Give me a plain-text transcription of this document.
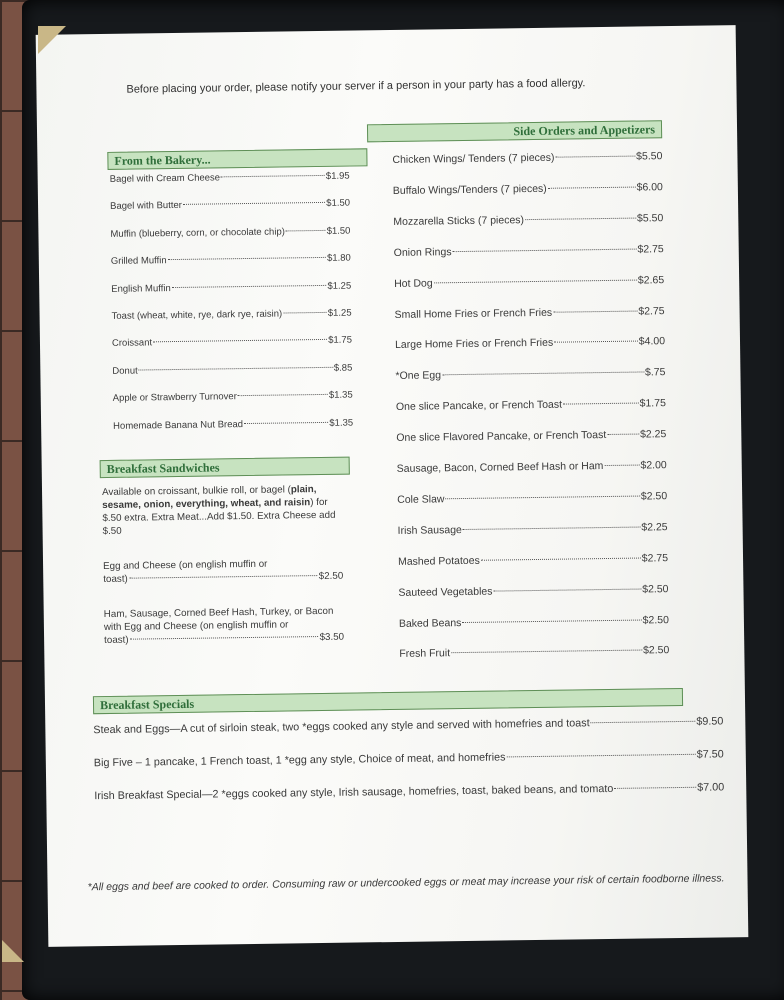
Before placing your order, please notify your server if a person in your party has a food allergy.
From the Bakery...
Bagel with Cream Cheese	$1.95
Bagel with Butter	$1.50
Muffin (blueberry, corn, or chocolate chip)	$1.50
Grilled Muffin	$1.80
English Muffin	$1.25
Toast (wheat, white, rye, dark rye, raisin)	$1.25
Croissant	$1.75
Donut	$.85
Apple or Strawberry Turnover	$1.35
Homemade Banana Nut Bread	$1.35
Side Orders and Appetizers
Chicken Wings/ Tenders (7 pieces)	$5.50
Buffalo Wings/Tenders (7 pieces)	$6.00
Mozzarella Sticks (7 pieces)	$5.50
Onion Rings	$2.75
Hot Dog	$2.65
Small Home Fries or French Fries	$2.75
Large Home Fries or French Fries	$4.00
*One Egg	$.75
One slice Pancake, or French Toast	$1.75
One slice Flavored Pancake, or French Toast	$2.25
Sausage, Bacon, Corned Beef Hash or Ham	$2.00
Cole Slaw	$2.50
Irish Sausage	$2.25
Mashed Potatoes	$2.75
Sauteed Vegetables	$2.50
Baked Beans	$2.50
Fresh Fruit	$2.50
Breakfast Sandwiches
Available on croissant, bulkie roll, or bagel (plain, sesame, onion, everything, wheat, and raisin) for $.50 extra. Extra Meat...Add $1.50. Extra Cheese add $.50
Egg and Cheese (on english muffin or
toast)	$2.50
Ham, Sausage, Corned Beef Hash, Turkey, or Bacon
with Egg and Cheese (on english muffin or
toast)	$3.50
Breakfast Specials
Steak and Eggs—A cut of sirloin steak, two *eggs cooked any style and served with homefries and toast	$9.50
Big Five – 1 pancake, 1 French toast, 1 *egg any style, Choice of meat, and homefries	$7.50
Irish Breakfast Special—2 *eggs cooked any style, Irish sausage, homefries, toast, baked beans, and tomato	$7.00
*All eggs and beef are cooked to order. Consuming raw or undercooked eggs or meat may increase your risk of certain foodborne illness.
